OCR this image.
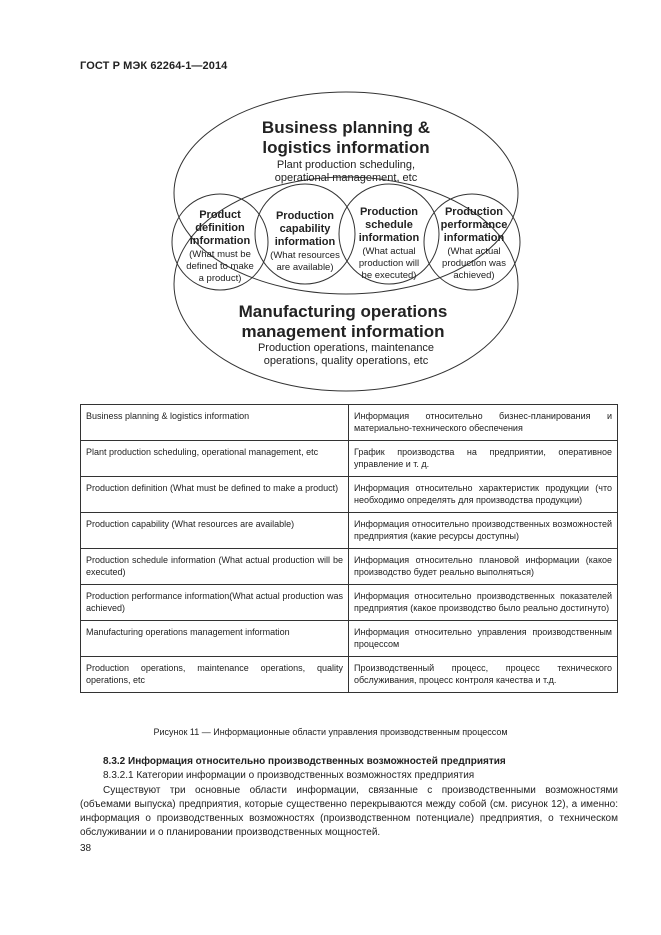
ГОСТ Р МЭК 62264-1—2014
Business planning &
logistics information
Plant production scheduling,
operational management, etc
Product
definition
information
(What must be
defined to make
a product)
Production
capability
information
(What resources
are available)
Production
schedule
information
(What actual
production will
be executed)
Production
performance
information
(What actual
production was
achieved)
Manufacturing operations
management information
Production operations, maintenance
operations, quality operations, etc
Business planning & logistics information	Информация относительно бизнес-планирования и материально-технического обеспечения
Plant production scheduling, operational management, etc	График производства на предприятии, оперативное управление и т. д.
Production definition (What must be defined to make a product)	Информация относительно характеристик продукции (что необходимо определять для производства продукции)
Production capability (What resources are available)	Информация относительно производственных возможностей предприятия (какие ресурсы доступны)
Production schedule information (What actual production will be executed)	Информация относительно плановой информации (какое производство будет реально выполняться)
Production performance information(What actual production was achieved)	Информация относительно производственных показателей предприятия (какое производство было реально достигнуто)
Manufacturing operations management information	Информация относительно управления производственным процессом
Production operations, maintenance operations, quality operations, etc	Производственный процесс, процесс технического обслуживания, процесс контроля качества и т.д.
Рисунок 11 — Информационные области управления производственным процессом
8.3.2 Информация относительно производственных возможностей предприятия
8.3.2.1 Категории информации о производственных возможностях предприятия
Существуют три основные области информации, связанные с производственными возможностями (объемами выпуска) предприятия, которые существенно перекрываются между собой (см. рисунок 12), а именно: информация о производственных возможностях (производственном потенциале) предприятия, о техническом обслуживании и о планировании производственных мощностей.
38
